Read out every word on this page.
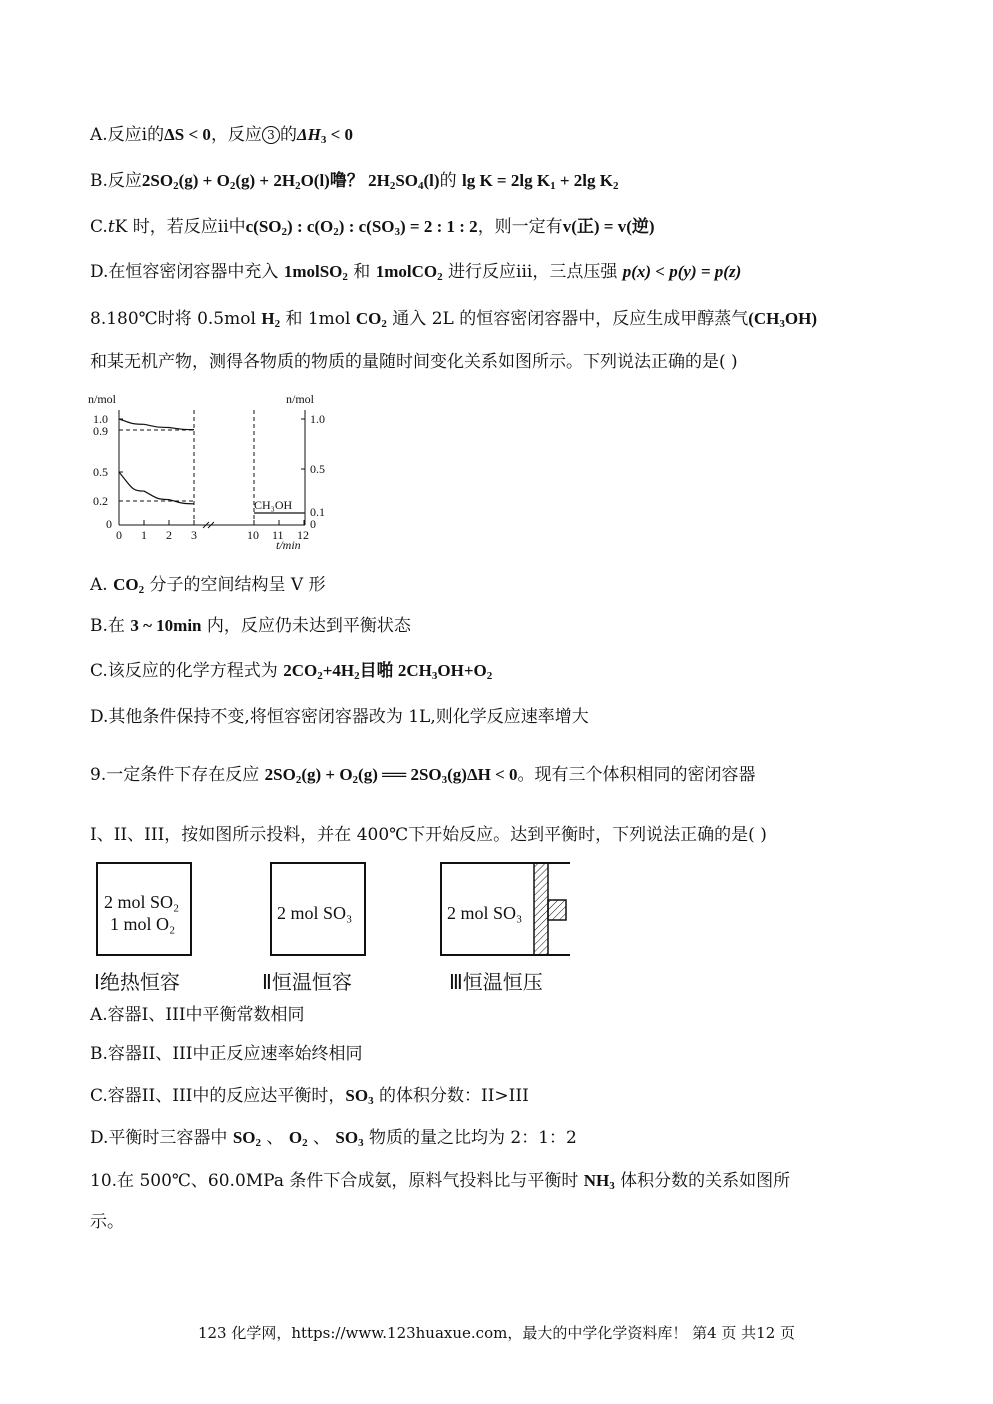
A.反应i的ΔS < 0，反应 3 的$\Delta H_3 < 0$
B.反应$2SO_2(g) + O_2(g) + 2H_2O(l)$噜？ $2H_2SO_4(l)$的 lg K = 2lg $K_1 + 2\lg$ $K_2$
C.tK 时，若反应ii中$c(SO_2)$ : $c(O_2)$ : $c(SO_3) = 2$ : 1 : 2，则一定有v(正) = v(逆)
D.在恒容密闭容器中充入 1molSO$_2$ 和 1molCO$_2$ 进行反应iii，三点压强 p(x) < p(y) = p(z)
8.180℃时将 0.5mol $H_2$ 和 1mol $CO_2$ 通入 2L 的恒容密闭容器中，反应生成甲醇蒸气$(CH_3OH)$
和某无机产物，测得各物质的物质的量随时间变化关系如图所示。下列说法正确的是( )
n/mol	n/mol
1.0
0.9
0.5
0.2
0
1.0
0.5
0.1
0
0 1 2 3	10 11 12
t/min
CH₃OH
A. $CO_2$ 分子的空间结构呈 V 形
B.在 3 ~ 10min 内，反应仍未达到平衡状态
C.该反应的化学方程式为 $2CO_2+4H_2$目啪 $2CH_3OH+O_2$
D.其他条件保持不变,将恒容密闭容器改为 1L,则化学反应速率增大
9.一定条件下存在反应 $2SO_2(g) + O_2(g)$ ══ $2SO_3(g)\Delta H < 0$。现有三个体积相同的密闭容器
I、II、III，按如图所示投料，并在 400℃下开始反应。达到平衡时，下列说法正确的是( )
2 mol SO₂
1 mol O₂
2 mol SO₃	2 mol SO₃
Ⅰ绝热恒容	Ⅱ恒温恒容	Ⅲ恒温恒压
A.容器I、III中平衡常数相同
B.容器II、III中正反应速率始终相同
C.容器II、III中的反应达平衡时，$SO_3$ 的体积分数：II>III
D.平衡时三容器中 $SO_2$ 、 $O_2$ 、 $SO_3$ 物质的量之比均为 2：1：2
10.在 500℃、60.0MPa 条件下合成氨，原料气投料比与平衡时 $NH_3$ 体积分数的关系如图所
示。
123 化学网，https://www.123huaxue.com，最大的中学化学资料库！ 第4 页 共12 页
